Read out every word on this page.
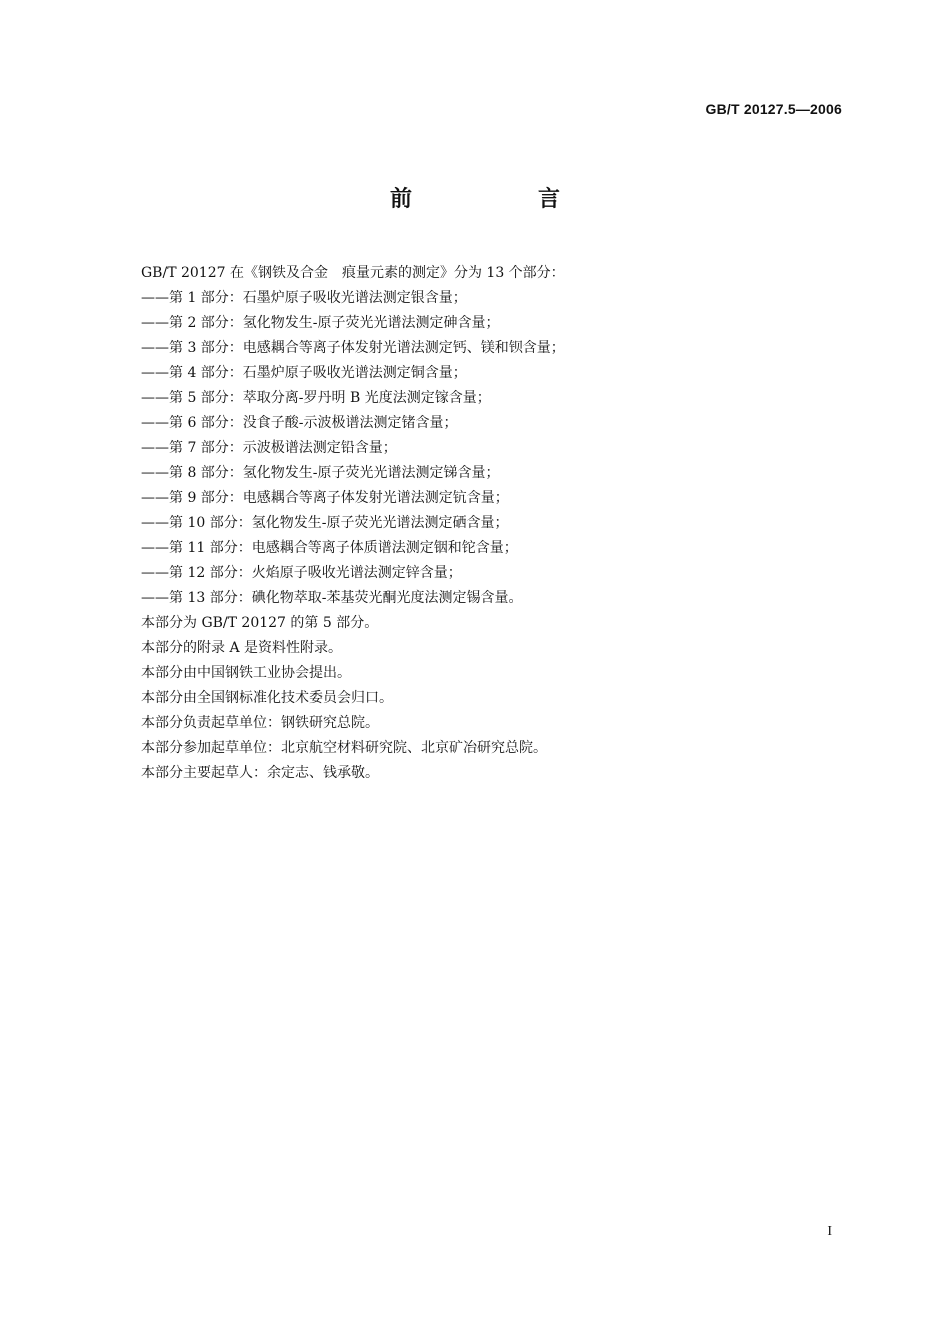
GB/T 20127.5—2006
前　言
GB/T 20127 在《钢铁及合金　痕量元素的测定》分为 13 个部分：
——第 1 部分：石墨炉原子吸收光谱法测定银含量；
——第 2 部分：氢化物发生-原子荧光光谱法测定砷含量；
——第 3 部分：电感耦合等离子体发射光谱法测定钙、镁和钡含量；
——第 4 部分：石墨炉原子吸收光谱法测定铜含量；
——第 5 部分：萃取分离-罗丹明 B 光度法测定镓含量；
——第 6 部分：没食子酸-示波极谱法测定锗含量；
——第 7 部分：示波极谱法测定铅含量；
——第 8 部分：氢化物发生-原子荧光光谱法测定锑含量；
——第 9 部分：电感耦合等离子体发射光谱法测定钪含量；
——第 10 部分：氢化物发生-原子荧光光谱法测定硒含量；
——第 11 部分：电感耦合等离子体质谱法测定铟和铊含量；
——第 12 部分：火焰原子吸收光谱法测定锌含量；
——第 13 部分：碘化物萃取-苯基荧光酮光度法测定锡含量。
本部分为 GB/T 20127 的第 5 部分。
本部分的附录 A 是资料性附录。
本部分由中国钢铁工业协会提出。
本部分由全国钢标准化技术委员会归口。
本部分负责起草单位：钢铁研究总院。
本部分参加起草单位：北京航空材料研究院、北京矿冶研究总院。
本部分主要起草人：余定志、钱承敬。
I
